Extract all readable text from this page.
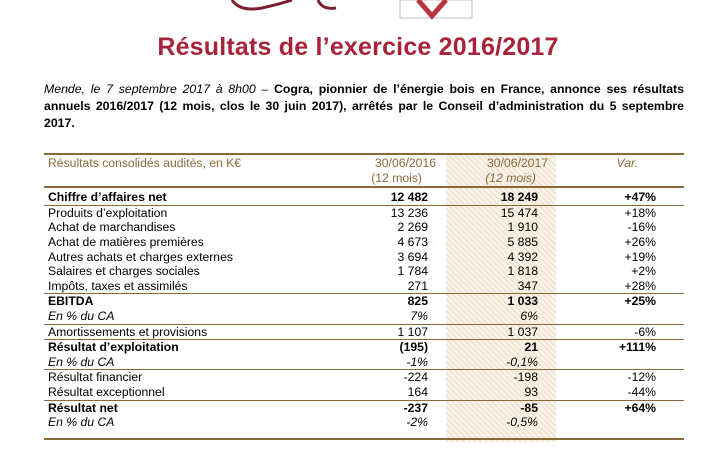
Résultats de l’exercice 2016/2017
Mende, le 7 septembre 2017 à 8h00 – Cogra, pionnier de l’énergie bois en France, annonce ses résultats annuels 2016/2017 (12 mois, clos le 30 juin 2017), arrêtés par le Conseil d’administration du 5 septembre 2017.
Résultats consolidés audités, en K€	30/06/2016	30/06/2017	Var.
(12 mois)	(12 mois)
Chiffre d’affaires net	12 482	18 249	+47%
Produits d’exploitation	13 236	15 474	+18%
Achat de marchandises	2 269	1 910	-16%
Achat de matières premières	4 673	5 885	+26%
Autres achats et charges externes	3 694	4 392	+19%
Salaires et charges sociales	1 784	1 818	+2%
Impôts, taxes et assimilés	271	347	+28%
EBITDA	825	1 033	+25%
En % du CA	7%	6%
Amortissements et provisions	1 107	1 037	-6%
Résultat d’exploitation	(195)	21	+111%
En % du CA	-1%	-0,1%
Résultat financier	-224	-198	-12%
Résultat exceptionnel	164	93	-44%
Résultat net	-237	-85	+64%
En % du CA	-2%	-0,5%
